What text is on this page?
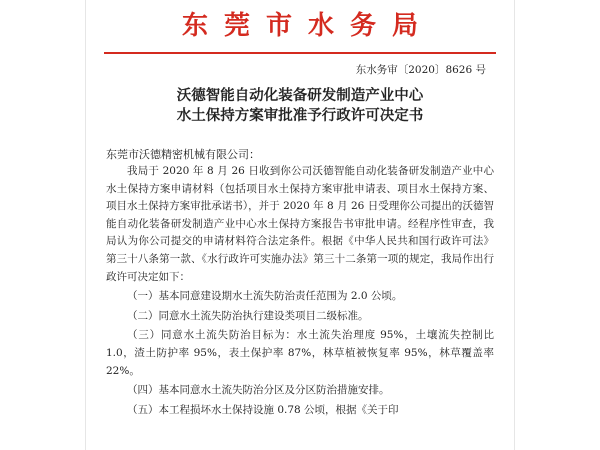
东莞市水务局
东水务审〔2020〕8626 号
沃德智能自动化装备研发制造产业中心
水土保持方案审批准予行政许可决定书
东莞市沃德精密机械有限公司：
我局于 2020 年 8 月 26 日收到你公司沃德智能自动化装备研发制造产业中心水土保持方案申请材料（包括项目水土保持方案审批申请表、项目水土保持方案、项目水土保持方案审批承诺书），并于 2020 年 8 月 26 日受理你公司提出的沃德智能自动化装备研发制造产业中心水土保持方案报告书审批申请。经程序性审查，我局认为你公司提交的申请材料符合法定条件。根据《中华人民共和国行政许可法》第三十八条第一款、《水行政许可实施办法》第三十二条第一项的规定，我局作出行政许可决定如下：
（一）基本同意建设期水土流失防治责任范围为 2.0 公顷。
（二）同意水土流失防治执行建设类项目二级标准。
（三）同意水土流失防治目标为：水土流失治理度 95%，土壤流失控制比 1.0，渣土防护率 95%，表土保护率 87%，林草植被恢复率 95%，林草覆盖率 22%。
（四）基本同意水土流失防治分区及分区防治措施安排。
（五）本工程损坏水土保持设施 0.78 公顷，根据《关于印
